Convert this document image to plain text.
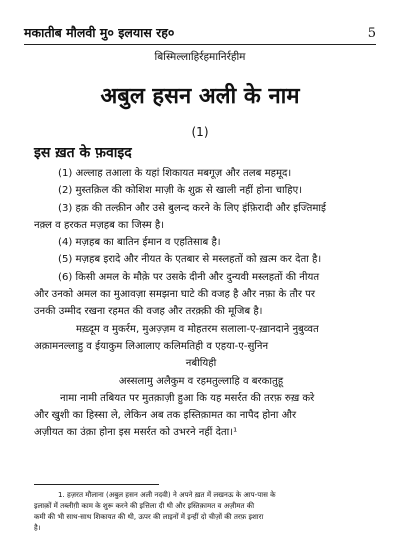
मकातीब मौलवी मु० इलयास रह०	5
बिस्मिल्लाहिर्रहमानिर्रहीम
अबुल हसन अली के नाम
(1)
इस ख़त के फ़वाइद
(1) अल्लाह तआला के यहां शिकायत मबगूज़ और तलब महमूद।
(2) मुस्तक़िल की कोशिश माज़ी के शुक्र से खाली नहीं होना चाहिए।
(3) हक़ की तल्क़ीन और उसे बुलन्द करने के लिए इंफ़िरादी और इज्तिमाई
नक़्ल व हरकत मज़हब का जिस्म है।
(4) मज़हब का बातिन ईमान व एहतिसाब है।
(5) मज़हब इरादे और नीयत के एतबार से मस्लहतों को ख़त्म कर देता है।
(6) किसी अमल के मौक़े पर उसके दीनी और दुन्यवी मस्लहतों की नीयत
और उनको अमल का मुआवज़ा समझना घाटे की वजह है और नफ़ा के तौर पर
उनकी उम्मीद रखना रहमत की वजह और तरक़्क़ी की मूजिब है।
मख़्दूम व मुकर्रम, मुअज़्ज़म व मोहतरम सलाला-ए-ख़ानदाने नुबुव्वत
अक़ामनल्लाहु व ईयाकुम लिआलाए कलिमतिही व एहया-ए-सुनिन
नबीयिही
अस्सलामु अलैकुम व रहमतुल्लाहि व बरकातुहू
नामा नामी तबियत पर मुतक़ाज़ी हुआ कि यह मसर्रत की तरफ़ रुख़ करे
और खुशी का हिस्सा ले, लेकिन अब तक इस्तिक़ामत का नापैद होना और
अज़ीयत का उंक़ा होना इस मसर्रत को उभरने नहीं देता।¹
1. हज़रत मौलाना (अबुल हसन अली नदवी) ने अपने ख़त में लखनऊ के आप-पास के
इलाक़ों में तब्लीग़ी काम के शुरू करने की इत्तिला दी थी और इस्तिक़ामत व अज़ीमत की
कमी की भी साथ-साथ शिकायत की थी, ऊपर की लाइनों में इन्हीं दो चीज़ों की तरफ़ इशारा
है।
